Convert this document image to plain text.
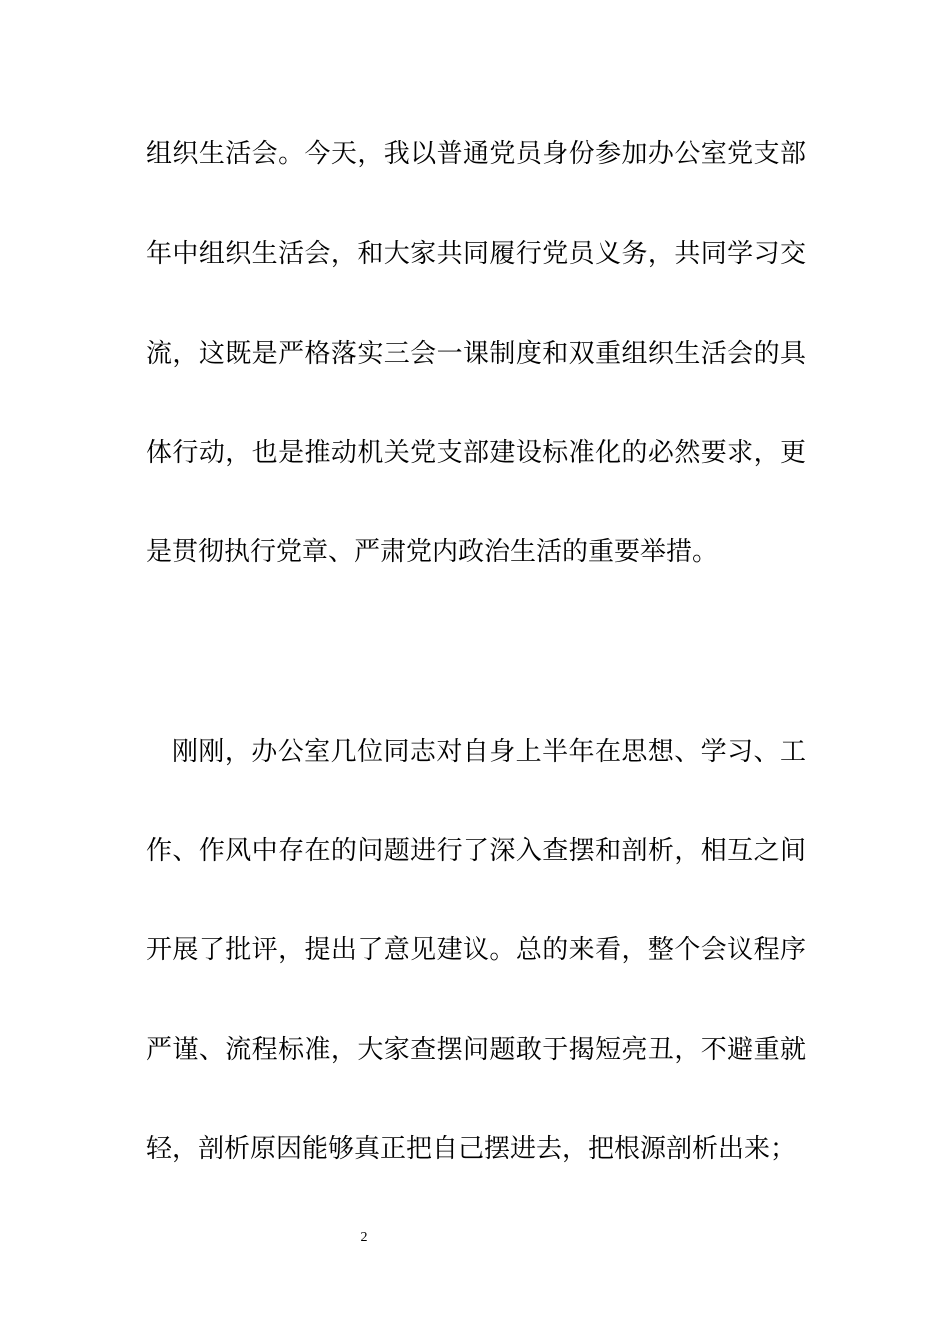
组织生活会。今天，我以普通党员身份参加办公室党支部
年中组织生活会，和大家共同履行党员义务，共同学习交
流，这既是严格落实三会一课制度和双重组织生活会的具
体行动，也是推动机关党支部建设标准化的必然要求，更
是贯彻执行党章、严肃党内政治生活的重要举措。
刚刚，办公室几位同志对自身上半年在思想、学习、工
作、作风中存在的问题进行了深入查摆和剖析，相互之间
开展了批评，提出了意见建议。总的来看，整个会议程序
严谨、流程标准，大家查摆问题敢于揭短亮丑，不避重就
轻，剖析原因能够真正把自己摆进去，把根源剖析出来；
2
